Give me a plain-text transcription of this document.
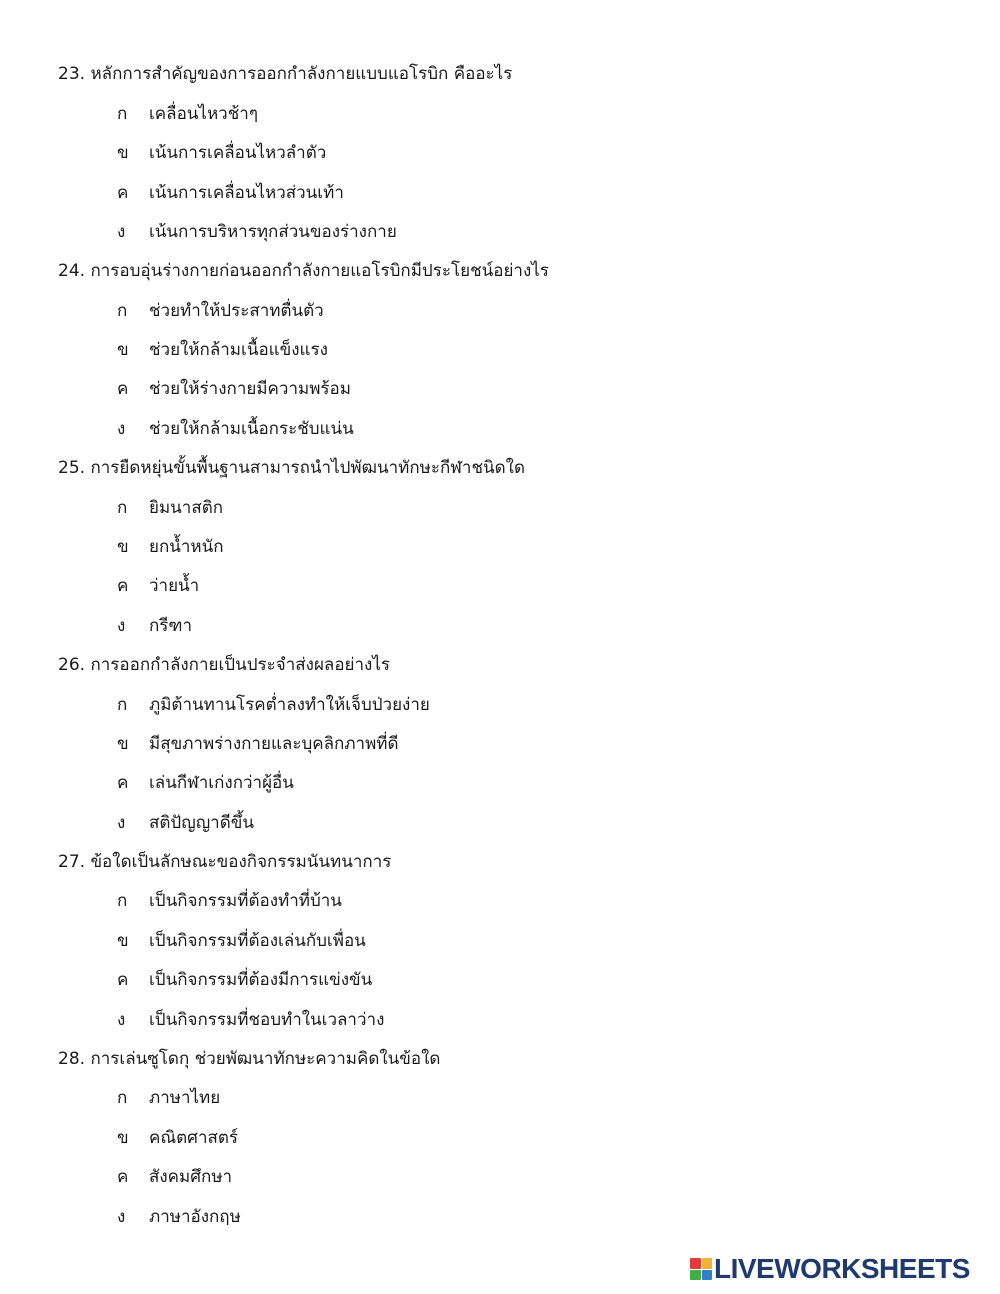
23. หลักการสำคัญของการออกกำลังกายแบบแอโรบิก คืออะไร
ก	เคลื่อนไหวช้าๆ
ข	เน้นการเคลื่อนไหวลำตัว
ค	เน้นการเคลื่อนไหวส่วนเท้า
ง	เน้นการบริหารทุกส่วนของร่างกาย
24. การอบอุ่นร่างกายก่อนออกกำลังกายแอโรบิกมีประโยชน์อย่างไร
ก	ช่วยทำให้ประสาทตื่นตัว
ข	ช่วยให้กล้ามเนื้อแข็งแรง
ค	ช่วยให้ร่างกายมีความพร้อม
ง	ช่วยให้กล้ามเนื้อกระชับแน่น
25. การยืดหยุ่นขั้นพื้นฐานสามารถนำไปพัฒนาทักษะกีฬาชนิดใด
ก	ยิมนาสติก
ข	ยกน้ำหนัก
ค	ว่ายน้ำ
ง	กรีฑา
26. การออกกำลังกายเป็นประจำส่งผลอย่างไร
ก	ภูมิต้านทานโรคต่ำลงทำให้เจ็บป่วยง่าย
ข	มีสุขภาพร่างกายและบุคลิกภาพที่ดี
ค	เล่นกีฬาเก่งกว่าผู้อื่น
ง	สติปัญญาดีขึ้น
27. ข้อใดเป็นลักษณะของกิจกรรมนันทนาการ
ก	เป็นกิจกรรมที่ต้องทำที่บ้าน
ข	เป็นกิจกรรมที่ต้องเล่นกับเพื่อน
ค	เป็นกิจกรรมที่ต้องมีการแข่งขัน
ง	เป็นกิจกรรมที่ชอบทำในเวลาว่าง
28. การเล่นซูโดกุ ช่วยพัฒนาทักษะความคิดในข้อใด
ก	ภาษาไทย
ข	คณิตศาสตร์
ค	สังคมศึกษา
ง	ภาษาอังกฤษ
LIVEWORKSHEETS
